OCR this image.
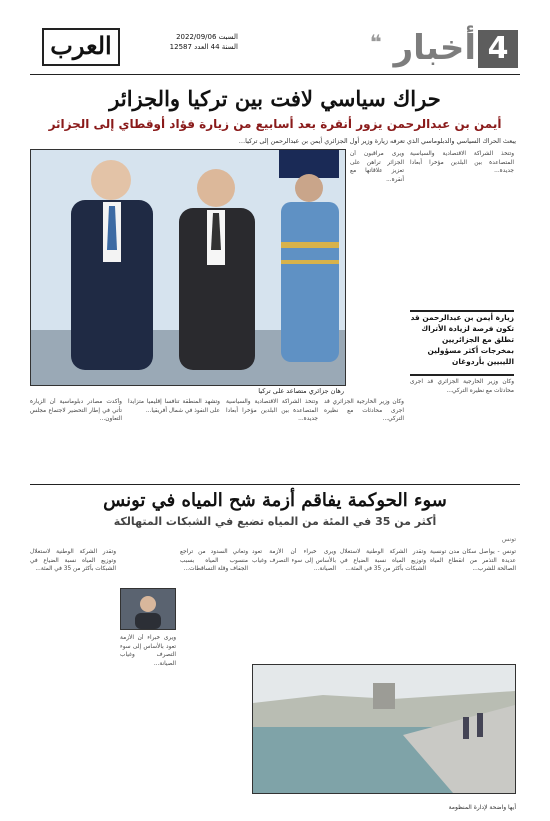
4
أخبار
❝
السبت 2022/09/06
السنة 44 العدد 12587
العرب
حراك سياسي لافت بين تركيا والجزائر
أيمن بن عبدالرحمن يزور أنقرة بعد أسابيع من زيارة فؤاد أوقطاي إلى الجزائر
يبعث الحراك السياسي والدبلوماسي الذي تعرفه زيارة وزير أول الجزائري أيمن بن عبدالرحمن إلى تركيا…
رهان جزائري متصاعد على تركيا
وتتخذ الشراكة الاقتصادية والسياسية المتصاعدة بين البلدين مؤخرا أبعادا جديدة...
زيارة أيمن بن عبدالرحمن قد تكون فرصة لزيادة الأتراك تطلق مع الجزائريين بمخرجات أكثر مسؤولين الليبيين بأردوغان
وكان وزير الخارجية الجزائري قد اجرى محادثات مع نظيره التركي...
ويرى مراقبون أن الجزائر تراهن على تعزيز علاقاتها مع أنقرة...
وأكدت مصادر دبلوماسية أن الزيارة تأتي في إطار التحضير لاجتماع مجلس التعاون...
وتشهد المنطقة تنافسا إقليميا متزايدا على النفوذ في شمال أفريقيا...
وتتخذ الشراكة الاقتصادية والسياسية المتصاعدة بين البلدين مؤخرا أبعادا جديدة...
وكان وزير الخارجية الجزائري قد اجرى محادثات مع نظيره التركي...
سوء الحوكمة يفاقم أزمة شح المياه في تونس
أكثر من 35 في المئة من المياه تضيع في الشبكات المتهالكة
تونس
تونس - يواصل سكان مدن تونسية عديدة التذمر من انقطاع المياه الصالحة للشرب...
وتقدر الشركة الوطنية لاستغلال وتوزيع المياه نسبة الضياع في الشبكات بأكثر من 35 في المئة...
ويرى خبراء أن الأزمة تعود بالأساس إلى سوء التصرف وغياب الصيانة...
وتعاني السدود من تراجع منسوب المياه بسبب الجفاف وقلة التساقطات...
وتقدر الشركة الوطنية لاستغلال وتوزيع المياه نسبة الضياع في الشبكات بأكثر من 35 في المئة...
ويرى خبراء أن الأزمة تعود بالأساس إلى سوء التصرف وغياب الصيانة...
أيها واضحة لإدارة المنظومة
